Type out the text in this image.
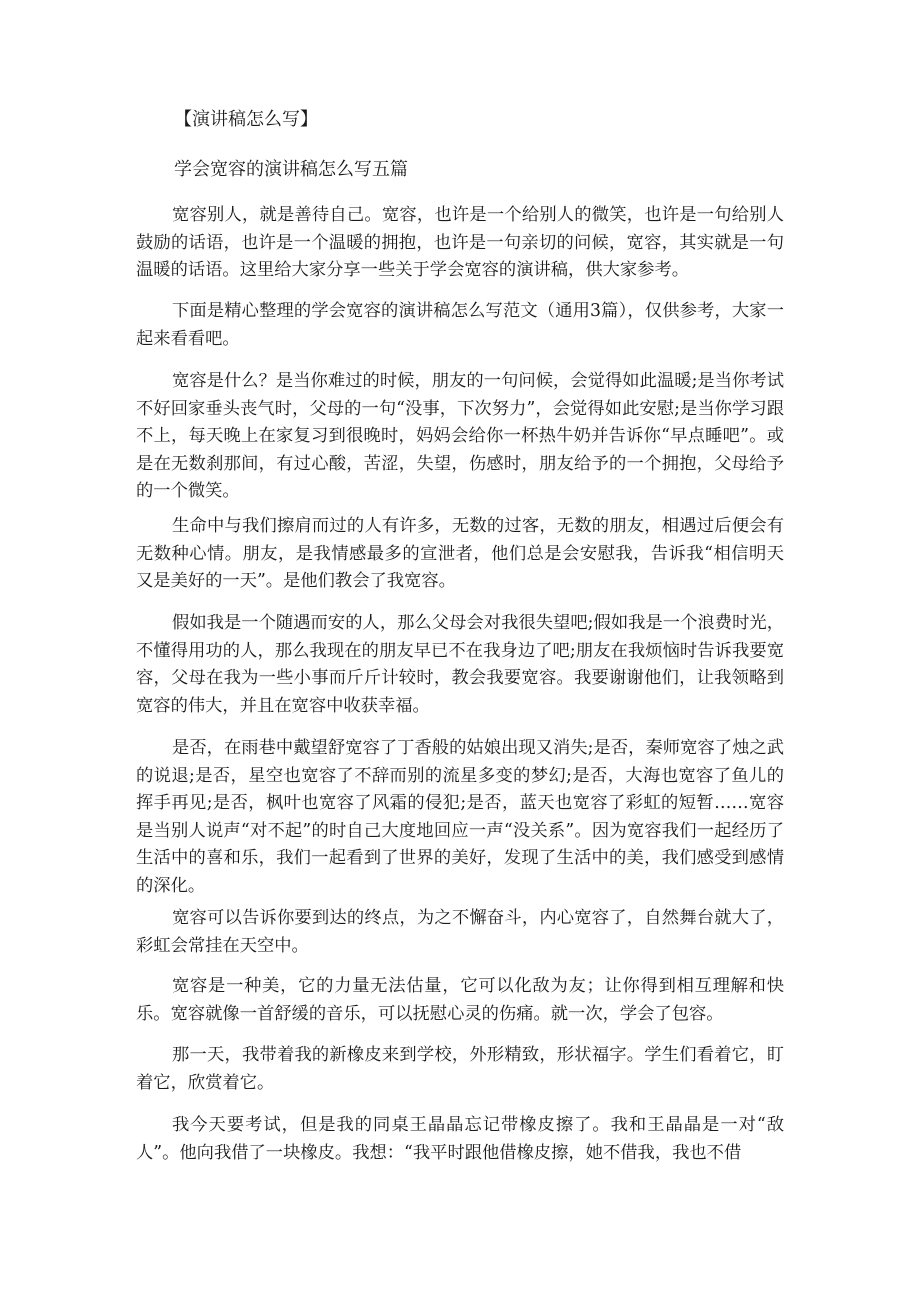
【演讲稿怎么写】
学会宽容的演讲稿怎么写五篇

宽容别人，就是善待自己。宽容，也许是一个给别人的微笑，也许是一句给别人鼓励的话语，也许是一个温暖的拥抱，也许是一句亲切的问候，宽容，其实就是一句温暖的话语。这里给大家分享一些关于学会宽容的演讲稿，供大家参考。

下面是精心整理的学会宽容的演讲稿怎么写范文（通用3篇），仅供参考，大家一起来看看吧。

宽容是什么？是当你难过的时候，朋友的一句问候，会觉得如此温暖;是当你考试不好回家垂头丧气时，父母的一句“没事，下次努力”，会觉得如此安慰;是当你学习跟不上，每天晚上在家复习到很晚时，妈妈会给你一杯热牛奶并告诉你“早点睡吧”。或是在无数刹那间，有过心酸，苦涩，失望，伤感时，朋友给予的一个拥抱，父母给予的一个微笑。

生命中与我们擦肩而过的人有许多，无数的过客，无数的朋友，相遇过后便会有无数种心情。朋友，是我情感最多的宣泄者，他们总是会安慰我，告诉我“相信明天又是美好的一天”。是他们教会了我宽容。

假如我是一个随遇而安的人，那么父母会对我很失望吧;假如我是一个浪费时光，不懂得用功的人，那么我现在的朋友早已不在我身边了吧;朋友在我烦恼时告诉我要宽容，父母在我为一些小事而斤斤计较时，教会我要宽容。我要谢谢他们，让我领略到宽容的伟大，并且在宽容中收获幸福。

是否，在雨巷中戴望舒宽容了丁香般的姑娘出现又消失;是否，秦师宽容了烛之武的说退;是否，星空也宽容了不辞而别的流星多变的梦幻;是否，大海也宽容了鱼儿的挥手再见;是否，枫叶也宽容了风霜的侵犯;是否，蓝天也宽容了彩虹的短暂……宽容是当别人说声“对不起”的时自己大度地回应一声“没关系”。因为宽容我们一起经历了生活中的喜和乐，我们一起看到了世界的美好，发现了生活中的美，我们感受到感情的深化。

宽容可以告诉你要到达的终点，为之不懈奋斗，内心宽容了，自然舞台就大了，彩虹会常挂在天空中。

宽容是一种美，它的力量无法估量，它可以化敌为友；让你得到相互理解和快乐。宽容就像一首舒缓的音乐，可以抚慰心灵的伤痛。就一次，学会了包容。

那一天，我带着我的新橡皮来到学校，外形精致，形状福字。学生们看着它，盯着它，欣赏着它。

我今天要考试，但是我的同桌王晶晶忘记带橡皮擦了。我和王晶晶是一对“敌人”。他向我借了一块橡皮。我想：“我平时跟他借橡皮擦，她不借我，我也不借
